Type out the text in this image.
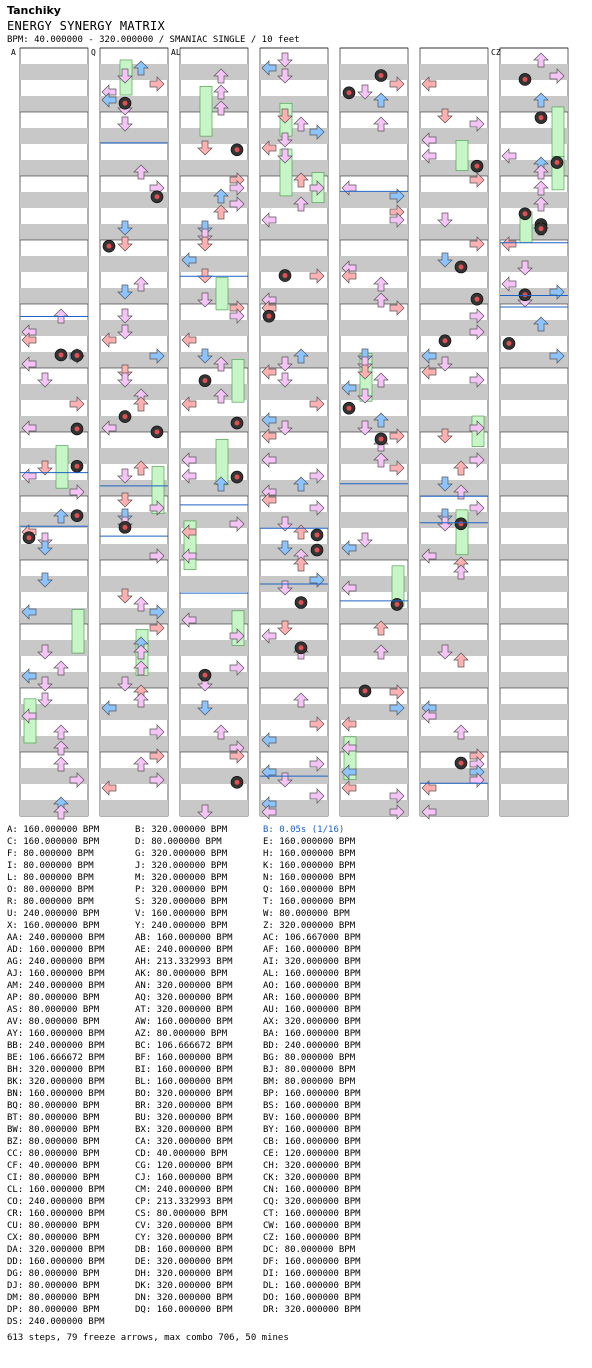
Tanchiky
ENERGY SYNERGY MATRIX
BPM: 40.000000 - 320.000000 / SMANIAC SINGLE / 10 feet
A	Q	AL	CZ
A: 160.000000 BPM	B: 320.000000 BPM	B: 0.05s (1/16)
C: 160.000000 BPM	D: 80.000000 BPM	E: 160.000000 BPM
F: 80.000000 BPM	G: 320.000000 BPM	H: 160.000000 BPM
I: 80.000000 BPM	J: 320.000000 BPM	K: 160.000000 BPM
L: 80.000000 BPM	M: 320.000000 BPM	N: 160.000000 BPM
O: 80.000000 BPM	P: 320.000000 BPM	Q: 160.000000 BPM
R: 80.000000 BPM	S: 320.000000 BPM	T: 160.000000 BPM
U: 240.000000 BPM	V: 160.000000 BPM	W: 80.000000 BPM
X: 160.000000 BPM	Y: 240.000000 BPM	Z: 320.000000 BPM
AA: 240.000000 BPM	AB: 160.000000 BPM	AC: 106.667000 BPM
AD: 160.000000 BPM	AE: 240.000000 BPM	AF: 160.000000 BPM
AG: 240.000000 BPM	AH: 213.332993 BPM	AI: 320.000000 BPM
AJ: 160.000000 BPM	AK: 80.000000 BPM	AL: 160.000000 BPM
AM: 240.000000 BPM	AN: 320.000000 BPM	AO: 160.000000 BPM
AP: 80.000000 BPM	AQ: 320.000000 BPM	AR: 160.000000 BPM
AS: 80.000000 BPM	AT: 320.000000 BPM	AU: 160.000000 BPM
AV: 80.000000 BPM	AW: 160.000000 BPM	AX: 320.000000 BPM
AY: 160.000000 BPM	AZ: 80.000000 BPM	BA: 160.000000 BPM
BB: 240.000000 BPM	BC: 106.666672 BPM	BD: 240.000000 BPM
BE: 106.666672 BPM	BF: 160.000000 BPM	BG: 80.000000 BPM
BH: 320.000000 BPM	BI: 160.000000 BPM	BJ: 80.000000 BPM
BK: 320.000000 BPM	BL: 160.000000 BPM	BM: 80.000000 BPM
BN: 160.000000 BPM	BO: 320.000000 BPM	BP: 160.000000 BPM
BQ: 80.000000 BPM	BR: 320.000000 BPM	BS: 160.000000 BPM
BT: 80.000000 BPM	BU: 320.000000 BPM	BV: 160.000000 BPM
BW: 80.000000 BPM	BX: 320.000000 BPM	BY: 160.000000 BPM
BZ: 80.000000 BPM	CA: 320.000000 BPM	CB: 160.000000 BPM
CC: 80.000000 BPM	CD: 40.000000 BPM	CE: 120.000000 BPM
CF: 40.000000 BPM	CG: 120.000000 BPM	CH: 320.000000 BPM
CI: 80.000000 BPM	CJ: 160.000000 BPM	CK: 320.000000 BPM
CL: 160.000000 BPM	CM: 240.000000 BPM	CN: 160.000000 BPM
CO: 240.000000 BPM	CP: 213.332993 BPM	CQ: 320.000000 BPM
CR: 160.000000 BPM	CS: 80.000000 BPM	CT: 160.000000 BPM
CU: 80.000000 BPM	CV: 320.000000 BPM	CW: 160.000000 BPM
CX: 80.000000 BPM	CY: 320.000000 BPM	CZ: 160.000000 BPM
DA: 320.000000 BPM	DB: 160.000000 BPM	DC: 80.000000 BPM
DD: 160.000000 BPM	DE: 320.000000 BPM	DF: 160.000000 BPM
DG: 80.000000 BPM	DH: 320.000000 BPM	DI: 160.000000 BPM
DJ: 80.000000 BPM	DK: 320.000000 BPM	DL: 160.000000 BPM
DM: 80.000000 BPM	DN: 320.000000 BPM	DO: 160.000000 BPM
DP: 80.000000 BPM	DQ: 160.000000 BPM	DR: 320.000000 BPM
DS: 240.000000 BPM
613 steps, 79 freeze arrows, max combo 706, 50 mines
